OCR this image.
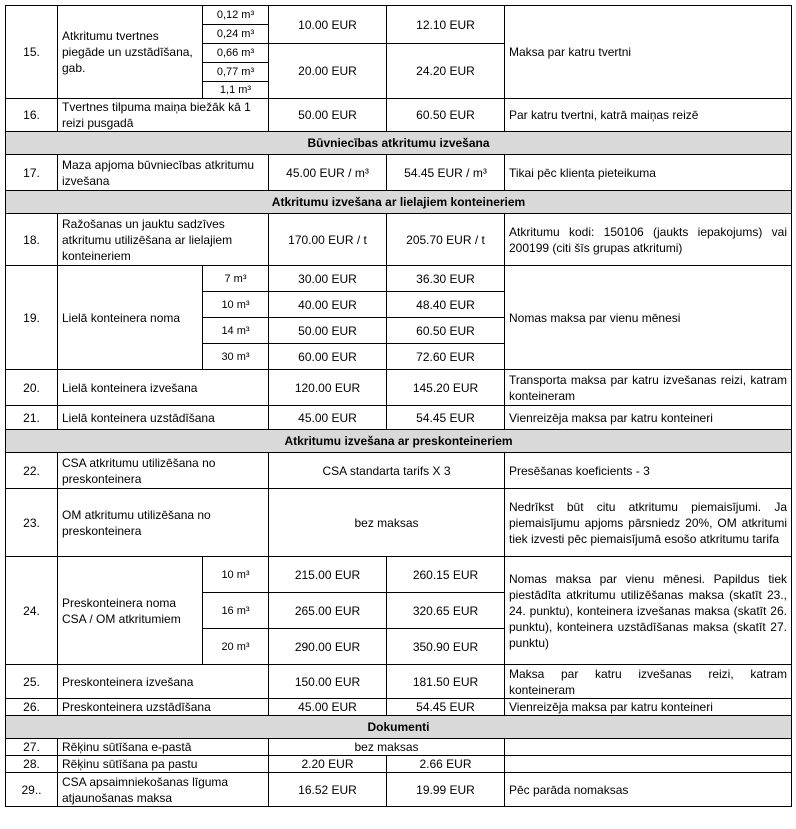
15.	Atkritumu tvertnes piegāde un uzstādīšana, gab.	0,12 m³	10.00 EUR	12.10 EUR	Maksa par katru tvertni
		0,24 m³			
		0,66 m³	20.00 EUR	24.20 EUR	
		0,77 m³			
		1,1 m³			
16.	Tvertnes tilpuma maiņa biežāk kā 1 reizi pusgadā		50.00 EUR	60.50 EUR	Par katru tvertni, katrā maiņas reizē
Būvniecības atkritumu izvešana					
17.	Maza apjoma būvniecības atkritumu izvešana		45.00 EUR / m³	54.45 EUR / m³	Tikai pēc klienta pieteikuma
Atkritumu izvešana ar lielajiem konteineriem					
18.	Ražošanas un jauktu sadzīves atkritumu utilizēšana ar lielajiem konteineriem		170.00 EUR / t	205.70 EUR / t	Atkritumu kodi: 150106 (jaukts iepakojums) vai 200199 (citi šīs grupas atkritumi)
19.	Lielā konteinera noma	7 m³	30.00 EUR	36.30 EUR	Nomas maksa par vienu mēnesi
		10 m³	40.00 EUR	48.40 EUR	
		14 m³	50.00 EUR	60.50 EUR	
		30 m³	60.00 EUR	72.60 EUR	
20.	Lielā konteinera izvešana		120.00 EUR	145.20 EUR	Transporta maksa par katru izvešanas reizi, katram konteineram
21.	Lielā konteinera uzstādīšana		45.00 EUR	54.45 EUR	Vienreizēja maksa par katru konteineri
Atkritumu izvešana ar preskonteineriem					
22.	CSA atkritumu utilizēšana no preskonteinera		CSA standarta tarifs X 3		Presēšanas koeficients - 3
23.	OM atkritumu utilizēšana no preskonteinera		bez maksas		Nedrīkst būt citu atkritumu piemaisījumi. Ja piemaisījumu apjoms pārsniedz 20%, OM atkritumi tiek izvesti pēc piemaisījumā esošo atkritumu tarifa
24.	Preskonteinera noma CSA / OM atkritumiem	10 m³	215.00 EUR	260.15 EUR	Nomas maksa par vienu mēnesi. Papildus tiek piestādīta atkritumu utilizēšanas maksa (skatīt 23., 24. punktu), konteinera izvešanas maksa (skatīt 26. punktu), konteinera uzstādīšanas maksa (skatīt 27. punktu)
		16 m³	265.00 EUR	320.65 EUR	
		20 m³	290.00 EUR	350.90 EUR	
25.	Preskonteinera izvešana		150.00 EUR	181.50 EUR	Maksa par katru izvešanas reizi, katram konteineram
26.	Preskonteinera uzstādīšana		45.00 EUR	54.45 EUR	Vienreizēja maksa par katru konteineri
Dokumenti					
27.	Rēķinu sūtīšana e-pastā		bez maksas		
28.	Rēķinu sūtīšana pa pastu		2.20 EUR	2.66 EUR	
29..	CSA apsaimniekošanas līguma atjaunošanas maksa		16.52 EUR	19.99 EUR	Pēc parāda nomaksas
